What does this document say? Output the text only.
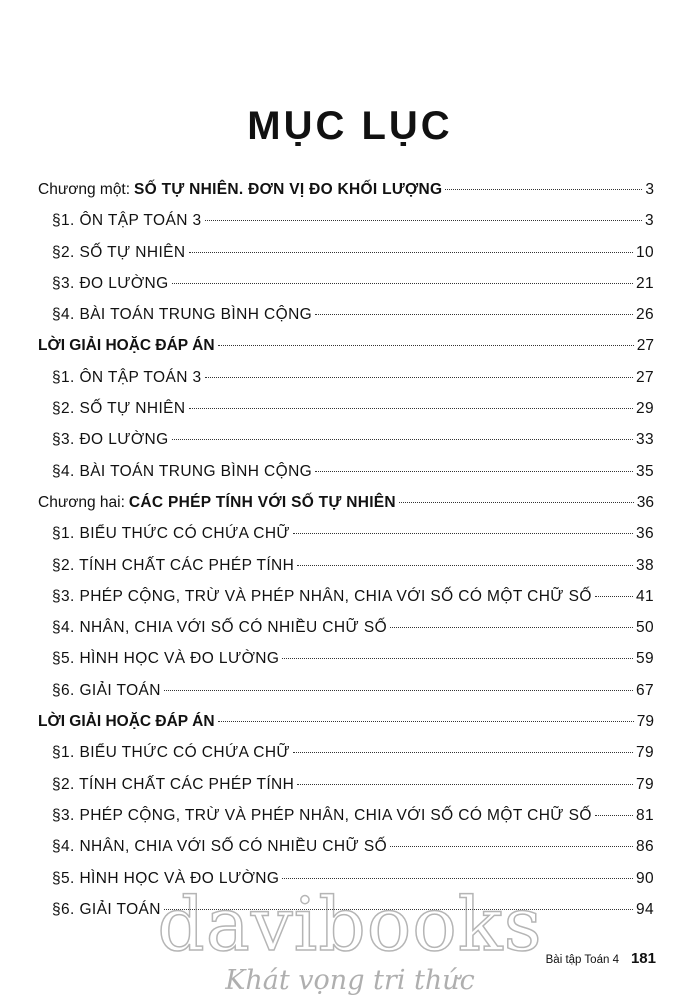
MỤC LỤC
Chương một: SỐ TỰ NHIÊN. ĐƠN VỊ ĐO KHỐI LƯỢNG	3
§1. ÔN TẬP TOÁN 3	3
§2. SỐ TỰ NHIÊN	10
§3. ĐO LƯỜNG	21
§4. BÀI TOÁN TRUNG BÌNH CỘNG	26
LỜI GIẢI HOẶC ĐÁP ÁN	27
§1. ÔN TẬP TOÁN 3	27
§2. SỐ TỰ NHIÊN	29
§3. ĐO LƯỜNG	33
§4. BÀI TOÁN TRUNG BÌNH CỘNG	35
Chương hai: CÁC PHÉP TÍNH VỚI SỐ TỰ NHIÊN	36
§1. BIỂU THỨC CÓ CHỨA CHỮ	36
§2. TÍNH CHẤT CÁC PHÉP TÍNH	38
§3. PHÉP CỘNG, TRỪ VÀ PHÉP NHÂN, CHIA VỚI SỐ CÓ MỘT CHỮ SỐ	41
§4. NHÂN, CHIA VỚI SỐ CÓ NHIỀU CHỮ SỐ	50
§5. HÌNH HỌC VÀ ĐO LƯỜNG	59
§6. GIẢI TOÁN	67
LỜI GIẢI HOẶC ĐÁP ÁN	79
§1. BIỂU THỨC CÓ CHỨA CHỮ	79
§2. TÍNH CHẤT CÁC PHÉP TÍNH	79
§3. PHÉP CỘNG, TRỪ VÀ PHÉP NHÂN, CHIA VỚI SỐ CÓ MỘT CHỮ SỐ	81
§4. NHÂN, CHIA VỚI SỐ CÓ NHIỀU CHỮ SỐ	86
§5. HÌNH HỌC VÀ ĐO LƯỜNG	90
§6. GIẢI TOÁN	94
davibooks
Khát vọng tri thức
Bài tập Toán 4 181
